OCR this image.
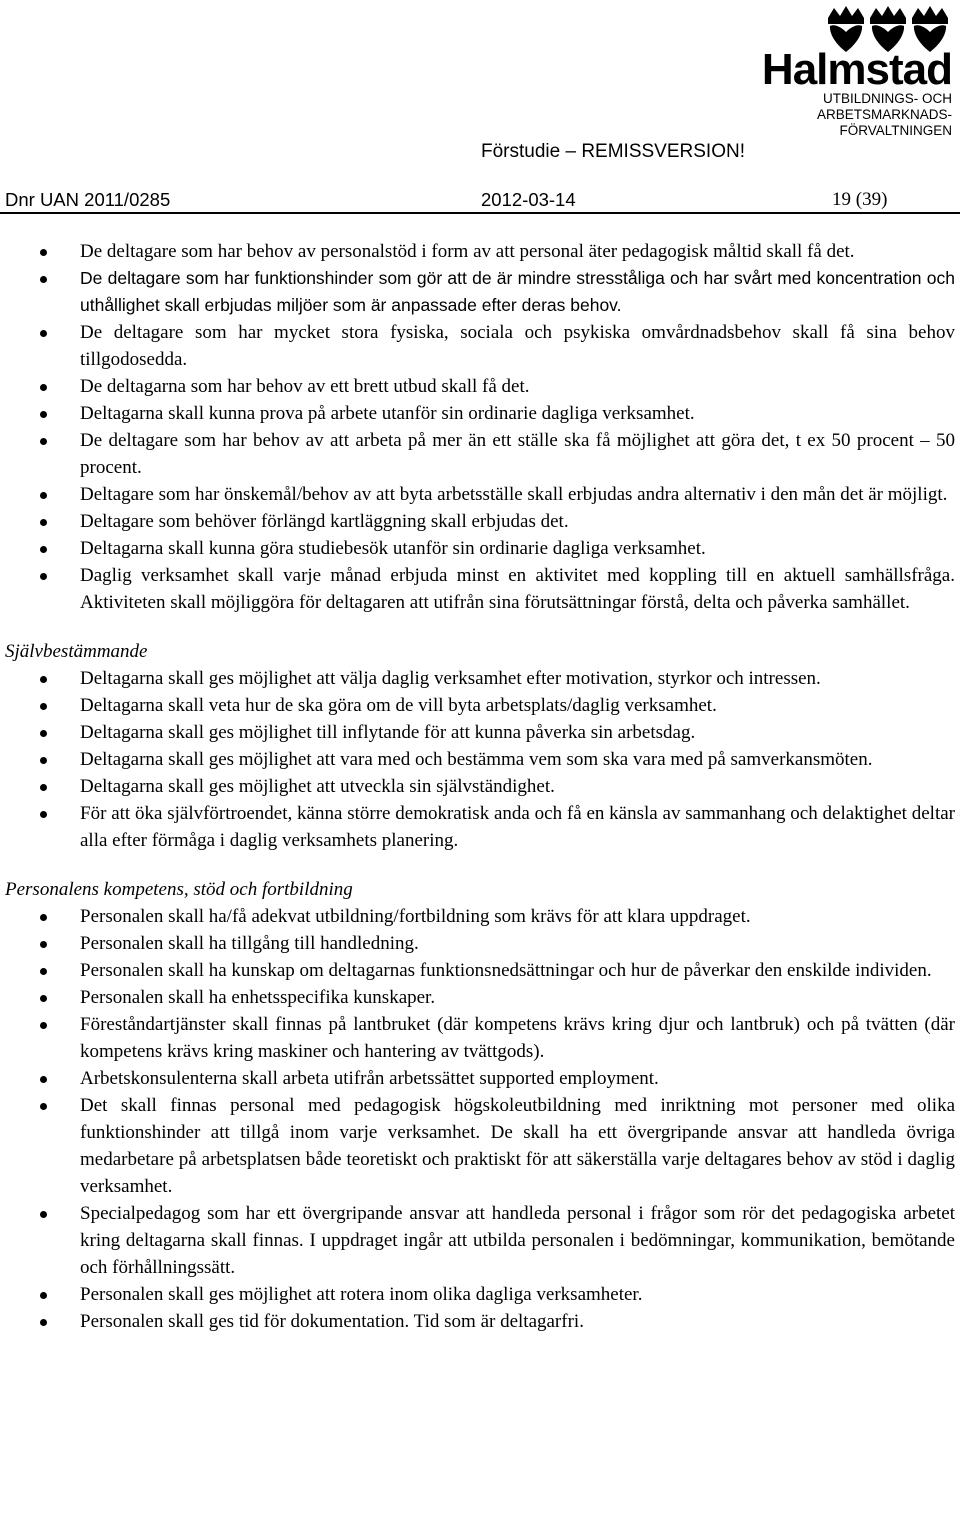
Halmstad
UTBILDNINGS- OCH
ARBETSMARKNADS-
FÖRVALTNINGEN
Förstudie – REMISSVERSION!
Dnr UAN 2011/0285	2012-03-14	19 (39)
De deltagare som har behov av personalstöd i form av att personal äter pedagogisk måltid skall få det.
De deltagare som har funktionshinder som gör att de är mindre stresståliga och har svårt med koncentration och uthållighet skall erbjudas miljöer som är anpassade efter deras behov.
De deltagare som har mycket stora fysiska, sociala och psykiska omvårdnadsbehov skall få sina behov tillgodosedda.
De deltagarna som har behov av ett brett utbud skall få det.
Deltagarna skall kunna prova på arbete utanför sin ordinarie dagliga verksamhet.
De deltagare som har behov av att arbeta på mer än ett ställe ska få möjlighet att göra det, t ex 50 procent – 50 procent.
Deltagare som har önskemål/behov av att byta arbetsställe skall erbjudas andra alternativ i den mån det är möjligt.
Deltagare som behöver förlängd kartläggning skall erbjudas det.
Deltagarna skall kunna göra studiebesök utanför sin ordinarie dagliga verksamhet.
Daglig verksamhet skall varje månad erbjuda minst en aktivitet med koppling till en aktuell samhällsfråga. Aktiviteten skall möjliggöra för deltagaren att utifrån sina förutsättningar förstå, delta och påverka samhället.
Självbestämmande
Deltagarna skall ges möjlighet att välja daglig verksamhet efter motivation, styrkor och intressen.
Deltagarna skall veta hur de ska göra om de vill byta arbetsplats/daglig verksamhet.
Deltagarna skall ges möjlighet till inflytande för att kunna påverka sin arbetsdag.
Deltagarna skall ges möjlighet att vara med och bestämma vem som ska vara med på samverkansmöten.
Deltagarna skall ges möjlighet att utveckla sin självständighet.
För att öka självförtroendet, känna större demokratisk anda och få en känsla av sammanhang och delaktighet deltar alla efter förmåga i daglig verksamhets planering.
Personalens kompetens, stöd och fortbildning
Personalen skall ha/få adekvat utbildning/fortbildning som krävs för att klara uppdraget.
Personalen skall ha tillgång till handledning.
Personalen skall ha kunskap om deltagarnas funktionsnedsättningar och hur de påverkar den enskilde individen.
Personalen skall ha enhetsspecifika kunskaper.
Föreståndartjänster skall finnas på lantbruket (där kompetens krävs kring djur och lantbruk) och på tvätten (där kompetens krävs kring maskiner och hantering av tvättgods).
Arbetskonsulenterna skall arbeta utifrån arbetssättet supported employment.
Det skall finnas personal med pedagogisk högskoleutbildning med inriktning mot personer med olika funktionshinder att tillgå inom varje verksamhet. De skall ha ett övergripande ansvar att handleda övriga medarbetare på arbetsplatsen både teoretiskt och praktiskt för att säkerställa varje deltagares behov av stöd i daglig verksamhet.
Specialpedagog som har ett övergripande ansvar att handleda personal i frågor som rör det pedagogiska arbetet kring deltagarna skall finnas. I uppdraget ingår att utbilda personalen i bedömningar, kommunikation, bemötande och förhållningssätt.
Personalen skall ges möjlighet att rotera inom olika dagliga verksamheter.
Personalen skall ges tid för dokumentation. Tid som är deltagarfri.
